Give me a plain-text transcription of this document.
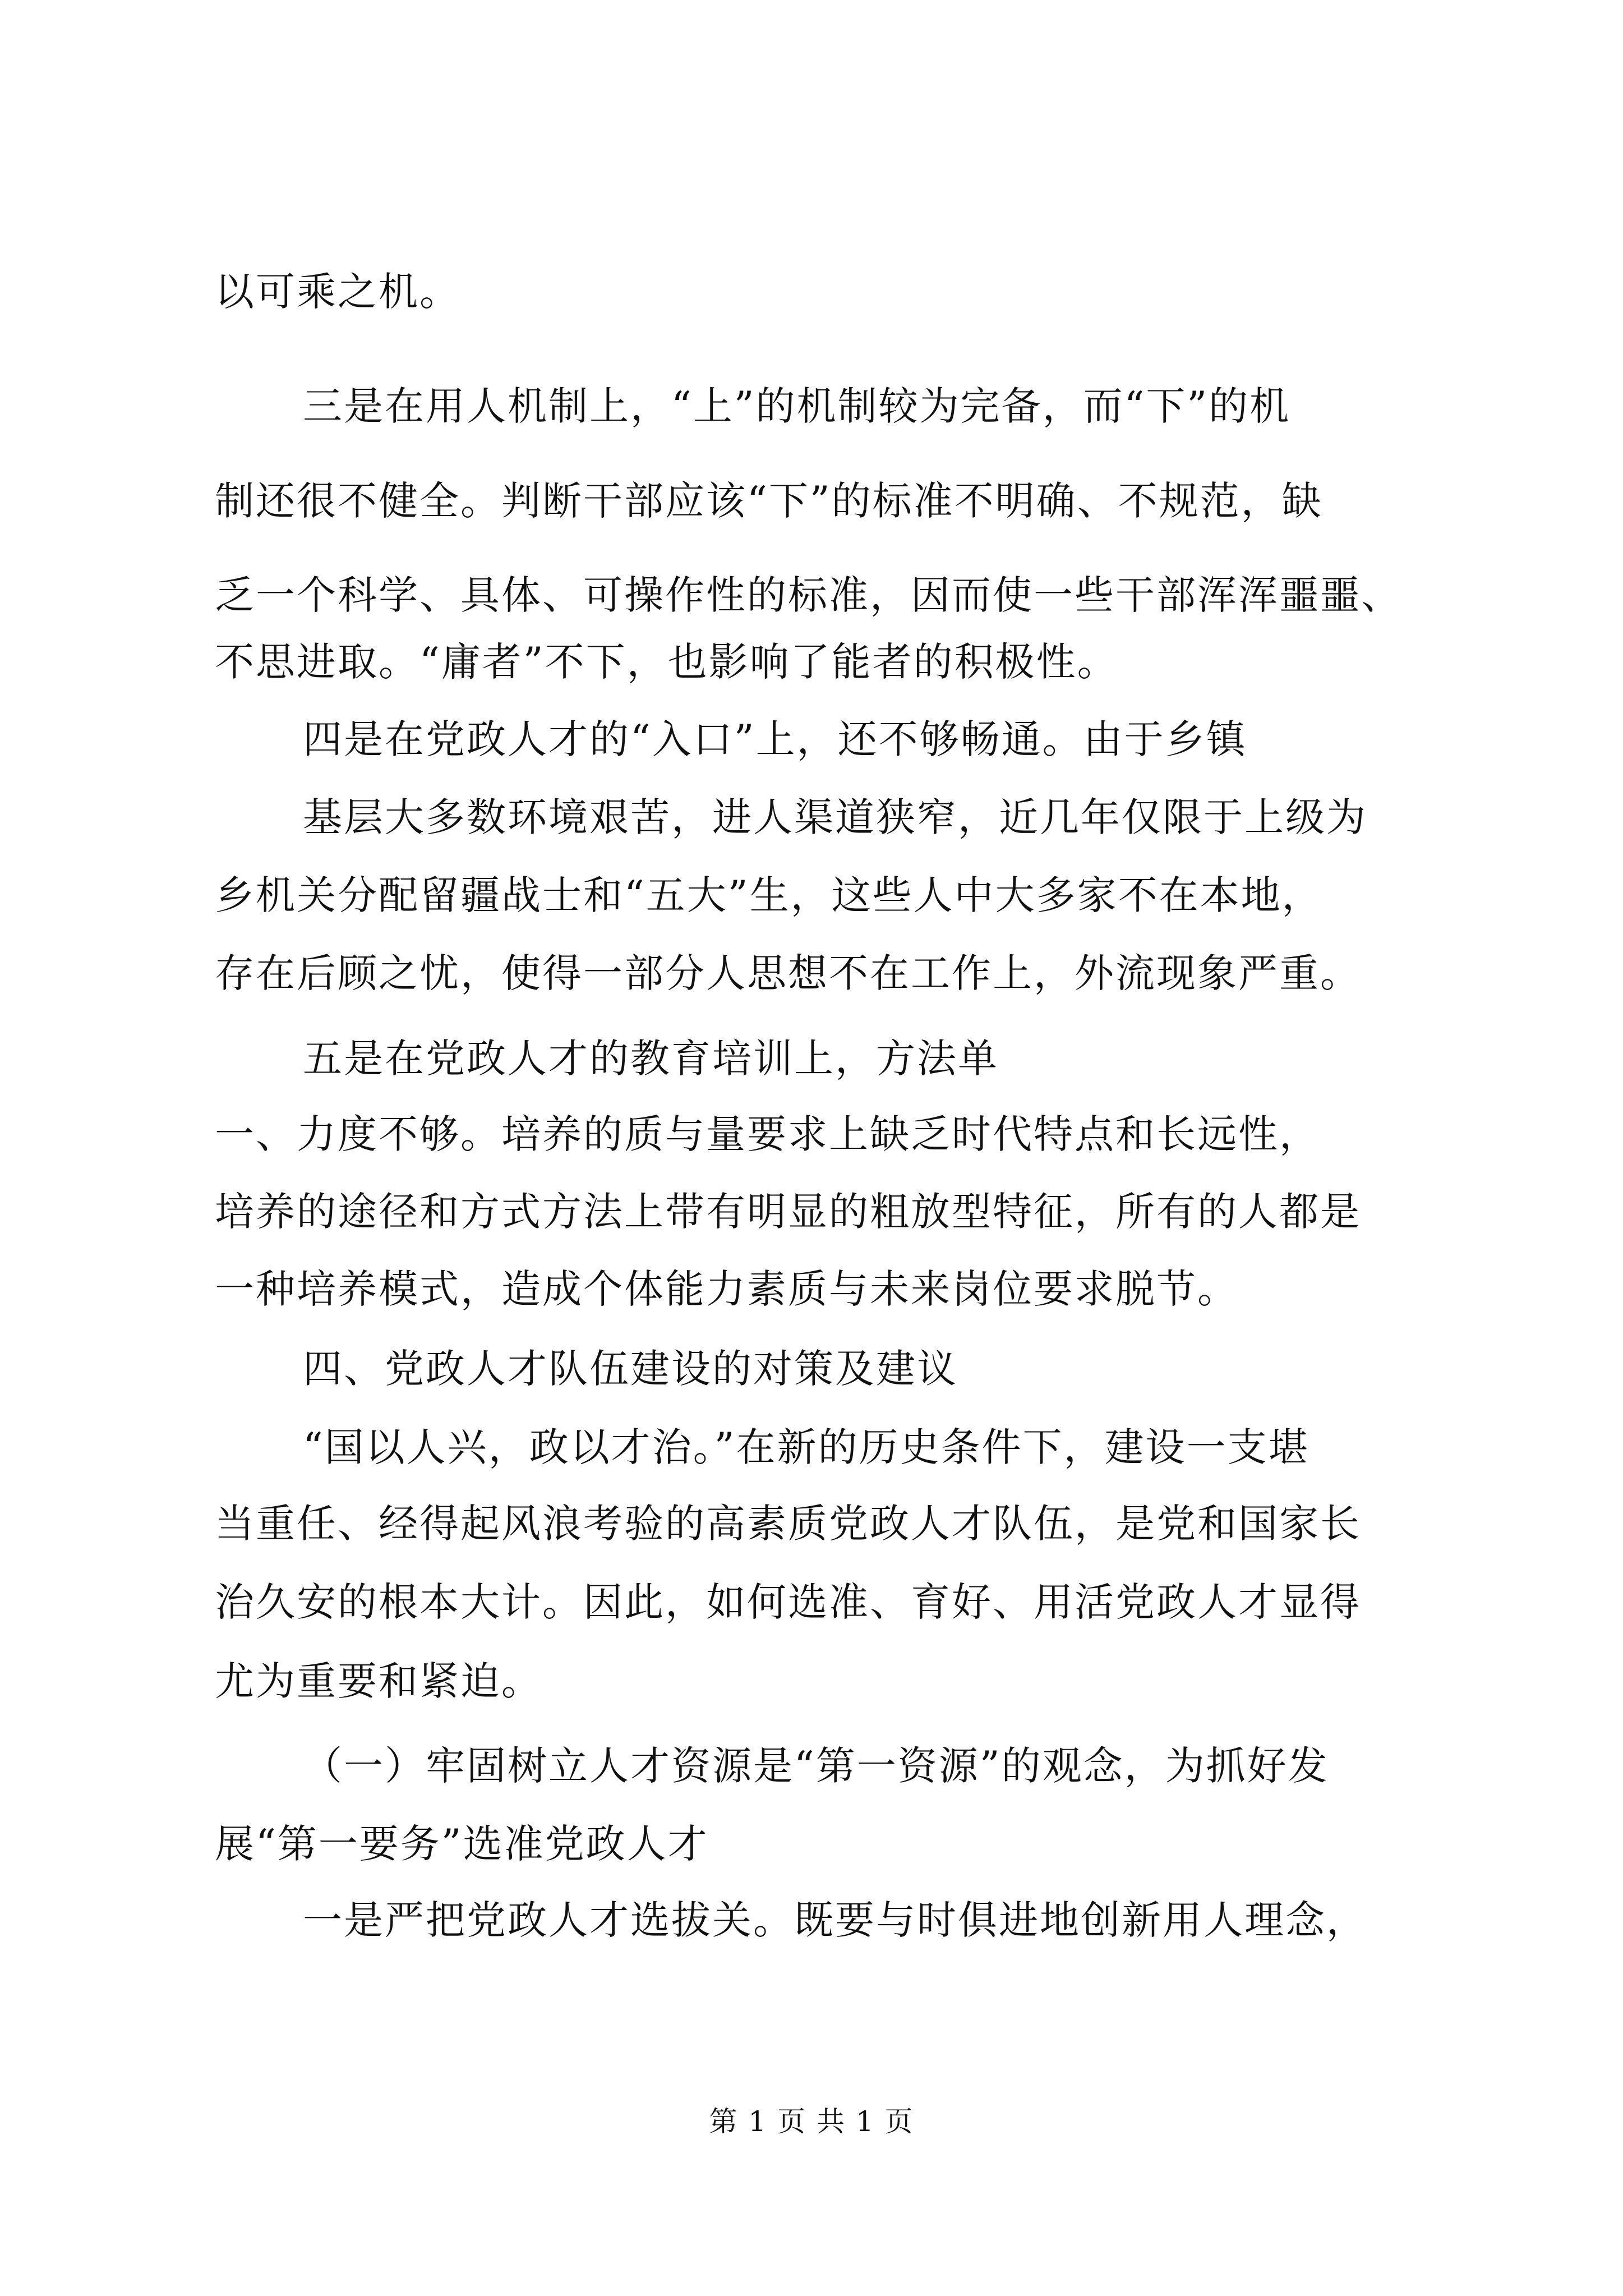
以可乘之机。
三是在用人机制上，“上”的机制较为完备，而“下”的机
制还很不健全。判断干部应该“下”的标准不明确、不规范，缺
乏一个科学、具体、可操作性的标准，因而使一些干部浑浑噩噩、
不思进取。“庸者”不下，也影响了能者的积极性。
四是在党政人才的“入口”上，还不够畅通。由于乡镇
基层大多数环境艰苦，进人渠道狭窄，近几年仅限于上级为
乡机关分配留疆战士和“五大”生，这些人中大多家不在本地，
存在后顾之忧，使得一部分人思想不在工作上，外流现象严重。
五是在党政人才的教育培训上，方法单
一、力度不够。培养的质与量要求上缺乏时代特点和长远性，
培养的途径和方式方法上带有明显的粗放型特征，所有的人都是
一种培养模式，造成个体能力素质与未来岗位要求脱节。
四、党政人才队伍建设的对策及建议
“国以人兴，政以才治。”在新的历史条件下，建设一支堪
当重任、经得起风浪考验的高素质党政人才队伍，是党和国家长
治久安的根本大计。因此，如何选准、育好、用活党政人才显得
尤为重要和紧迫。
（一）牢固树立人才资源是“第一资源”的观念，为抓好发
展“第一要务”选准党政人才
一是严把党政人才选拔关。既要与时俱进地创新用人理念，
第 1 页 共 1 页
